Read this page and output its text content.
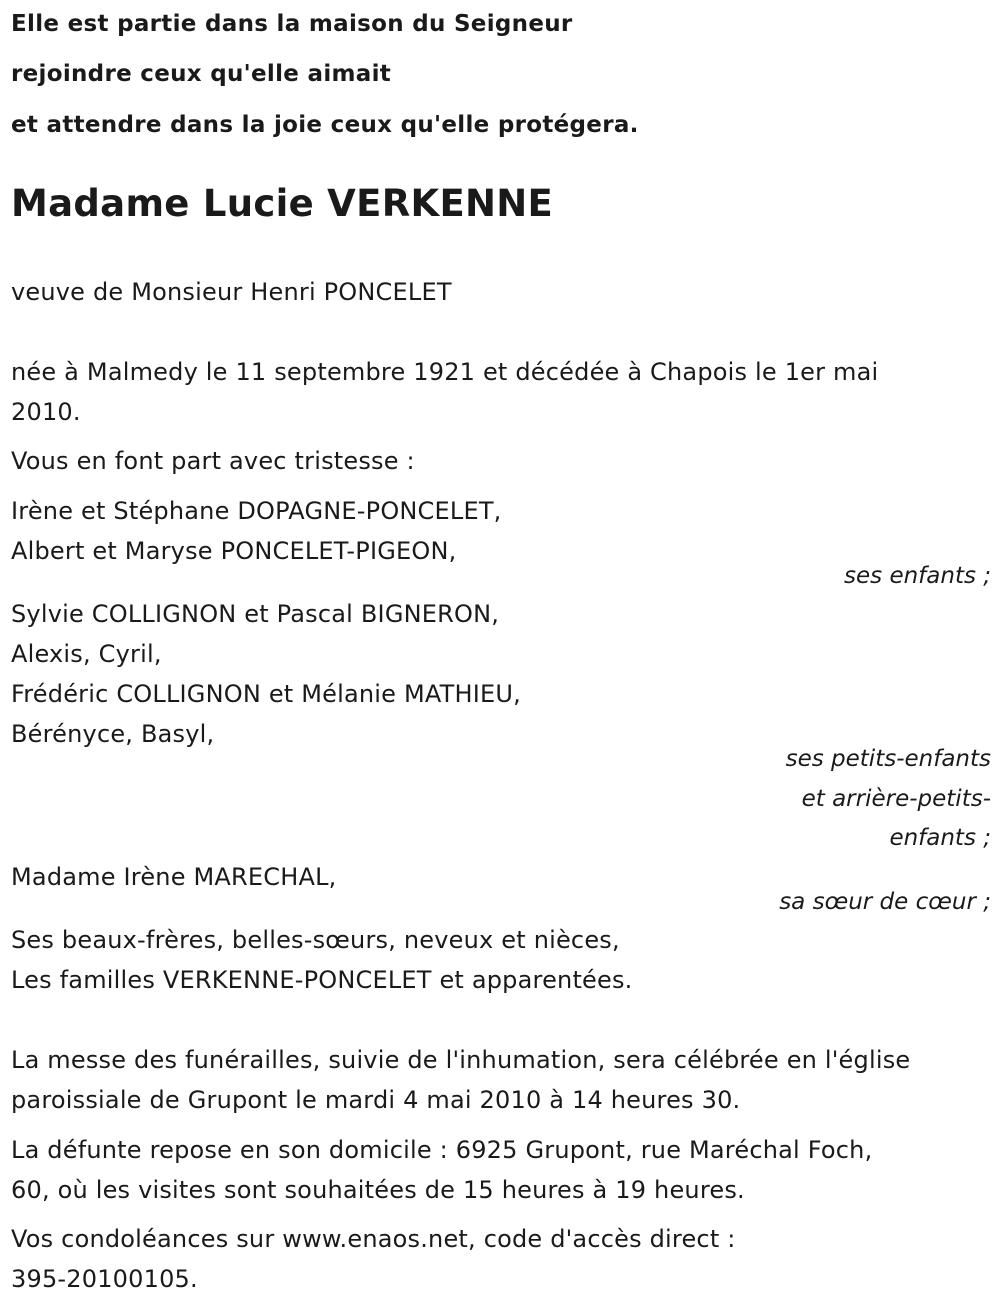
Elle est partie dans la maison du Seigneur
rejoindre ceux qu'elle aimait
et attendre dans la joie ceux qu'elle protégera.
Madame Lucie VERKENNE
veuve de Monsieur Henri PONCELET
née à Malmedy le 11 septembre 1921 et décédée à Chapois le 1er mai
2010.
Vous en font part avec tristesse :
Irène et Stéphane DOPAGNE-PONCELET,
Albert et Maryse PONCELET-PIGEON,
ses enfants ;
Sylvie COLLIGNON et Pascal BIGNERON,
Alexis, Cyril,
Frédéric COLLIGNON et Mélanie MATHIEU,
Bérényce, Basyl,
ses petits-enfants
et arrière-petits-
enfants ;
Madame Irène MARECHAL,
sa sœur de cœur ;
Ses beaux-frères, belles-sœurs, neveux et nièces,
Les familles VERKENNE-PONCELET et apparentées.
La messe des funérailles, suivie de l'inhumation, sera célébrée en l'église
paroissiale de Grupont le mardi 4 mai 2010 à 14 heures 30.
La défunte repose en son domicile : 6925 Grupont, rue Maréchal Foch,
60, où les visites sont souhaitées de 15 heures à 19 heures.
Vos condoléances sur www.enaos.net, code d'accès direct :
395-20100105.
